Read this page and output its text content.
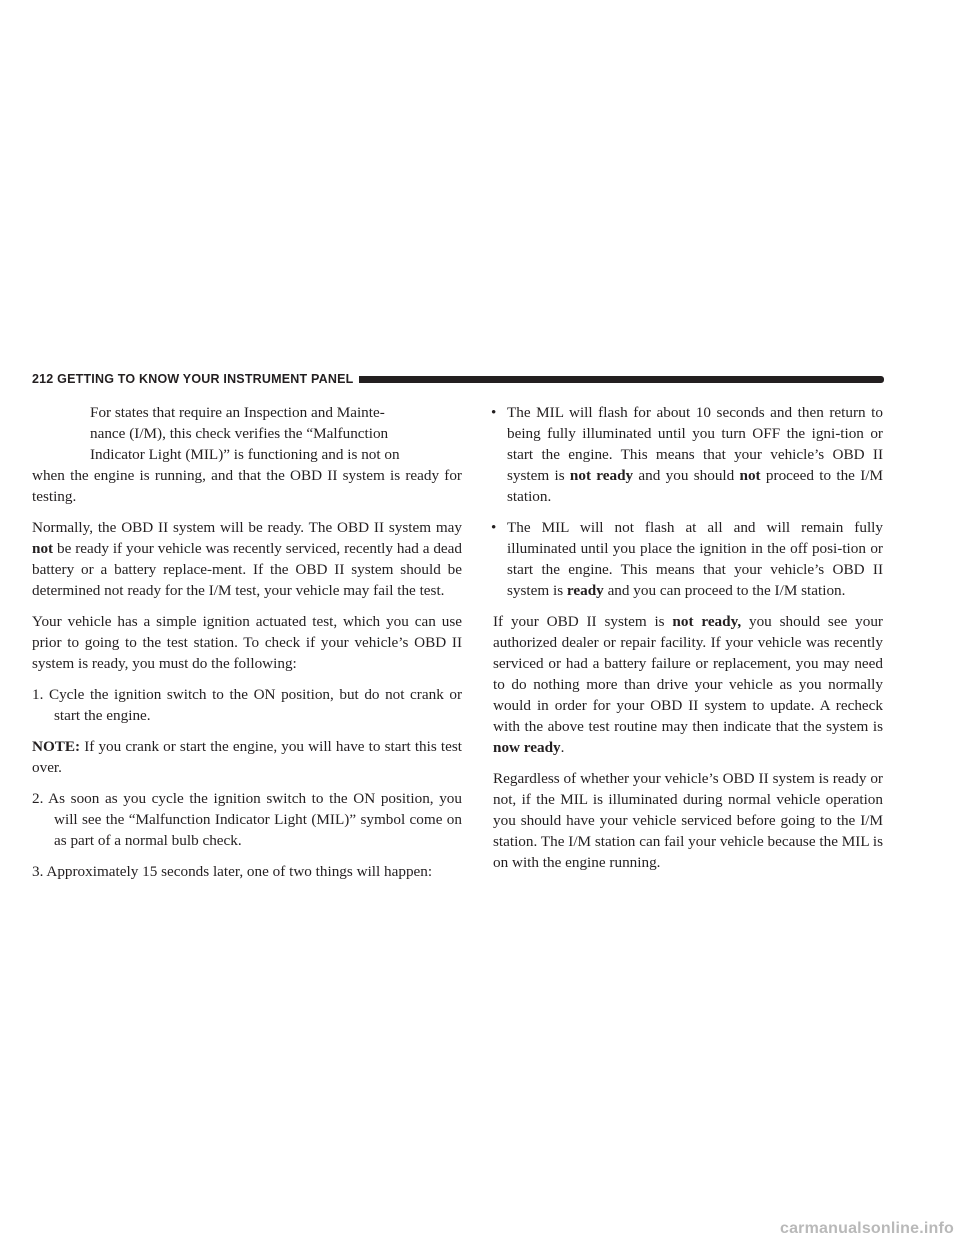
212 GETTING TO KNOW YOUR INSTRUMENT PANEL

For states that require an Inspection and Mainte-
nance (I/M), this check verifies the “Malfunction
Indicator Light (MIL)” is functioning and is not on
when the engine is running, and that the OBD II system is ready for testing.

Normally, the OBD II system will be ready. The OBD II system may not be ready if your vehicle was recently serviced, recently had a dead battery or a battery replace-ment. If the OBD II system should be determined not ready for the I/M test, your vehicle may fail the test.

Your vehicle has a simple ignition actuated test, which you can use prior to going to the test station. To check if your vehicle’s OBD II system is ready, you must do the following:

1. Cycle the ignition switch to the ON position, but do not crank or start the engine.

NOTE: If you crank or start the engine, you will have to start this test over.

2. As soon as you cycle the ignition switch to the ON position, you will see the “Malfunction Indicator Light (MIL)” symbol come on as part of a normal bulb check.

3. Approximately 15 seconds later, one of two things will happen:

• The MIL will flash for about 10 seconds and then return to being fully illuminated until you turn OFF the igni-tion or start the engine. This means that your vehicle’s OBD II system is not ready and you should not proceed to the I/M station.

• The MIL will not flash at all and will remain fully illuminated until you place the ignition in the off posi-tion or start the engine. This means that your vehicle’s OBD II system is ready and you can proceed to the I/M station.

If your OBD II system is not ready, you should see your authorized dealer or repair facility. If your vehicle was recently serviced or had a battery failure or replacement, you may need to do nothing more than drive your vehicle as you normally would in order for your OBD II system to update. A recheck with the above test routine may then indicate that the system is now ready.

Regardless of whether your vehicle’s OBD II system is ready or not, if the MIL is illuminated during normal vehicle operation you should have your vehicle serviced before going to the I/M station. The I/M station can fail your vehicle because the MIL is on with the engine running.

carmanualsonline.info
